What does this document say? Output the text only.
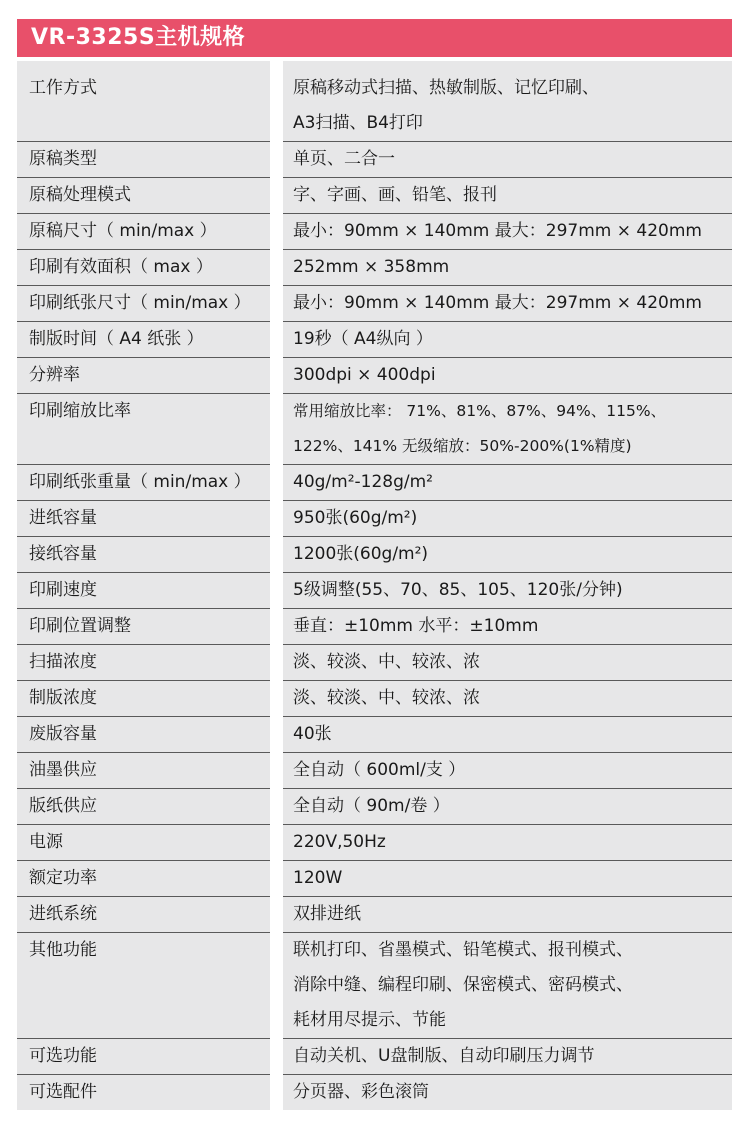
VR-3325S主机规格
工作方式	原稿移动式扫描、热敏制版、记忆印刷、
A3扫描、B4打印
原稿类型	单页、二合一
原稿处理模式	字、字画、画、铅笔、报刊
原稿尺寸（ min/max ）	最小：90mm × 140mm 最大：297mm × 420mm
印刷有效面积（ max ）	252mm × 358mm
印刷纸张尺寸（ min/max ）	最小：90mm × 140mm 最大：297mm × 420mm
制版时间（ A4 纸张 ）	19秒（ A4纵向 ）
分辨率	300dpi × 400dpi
印刷缩放比率	常用缩放比率： 71%、81%、87%、94%、115%、
122%、141% 无级缩放：50%-200%(1%精度)
印刷纸张重量（ min/max ）	40g/m²-128g/m²
进纸容量	950张(60g/m²)
接纸容量	1200张(60g/m²)
印刷速度	5级调整(55、70、85、105、120张/分钟)
印刷位置调整	垂直：±10mm 水平：±10mm
扫描浓度	淡、较淡、中、较浓、浓
制版浓度	淡、较淡、中、较浓、浓
废版容量	40张
油墨供应	全自动（ 600ml/支 ）
版纸供应	全自动（ 90m/卷 ）
电源	220V,50Hz
额定功率	120W
进纸系统	双排进纸
其他功能	联机打印、省墨模式、铅笔模式、报刊模式、
消除中缝、编程印刷、保密模式、密码模式、
耗材用尽提示、节能
可选功能	自动关机、U盘制版、自动印刷压力调节
可选配件	分页器、彩色滚筒
